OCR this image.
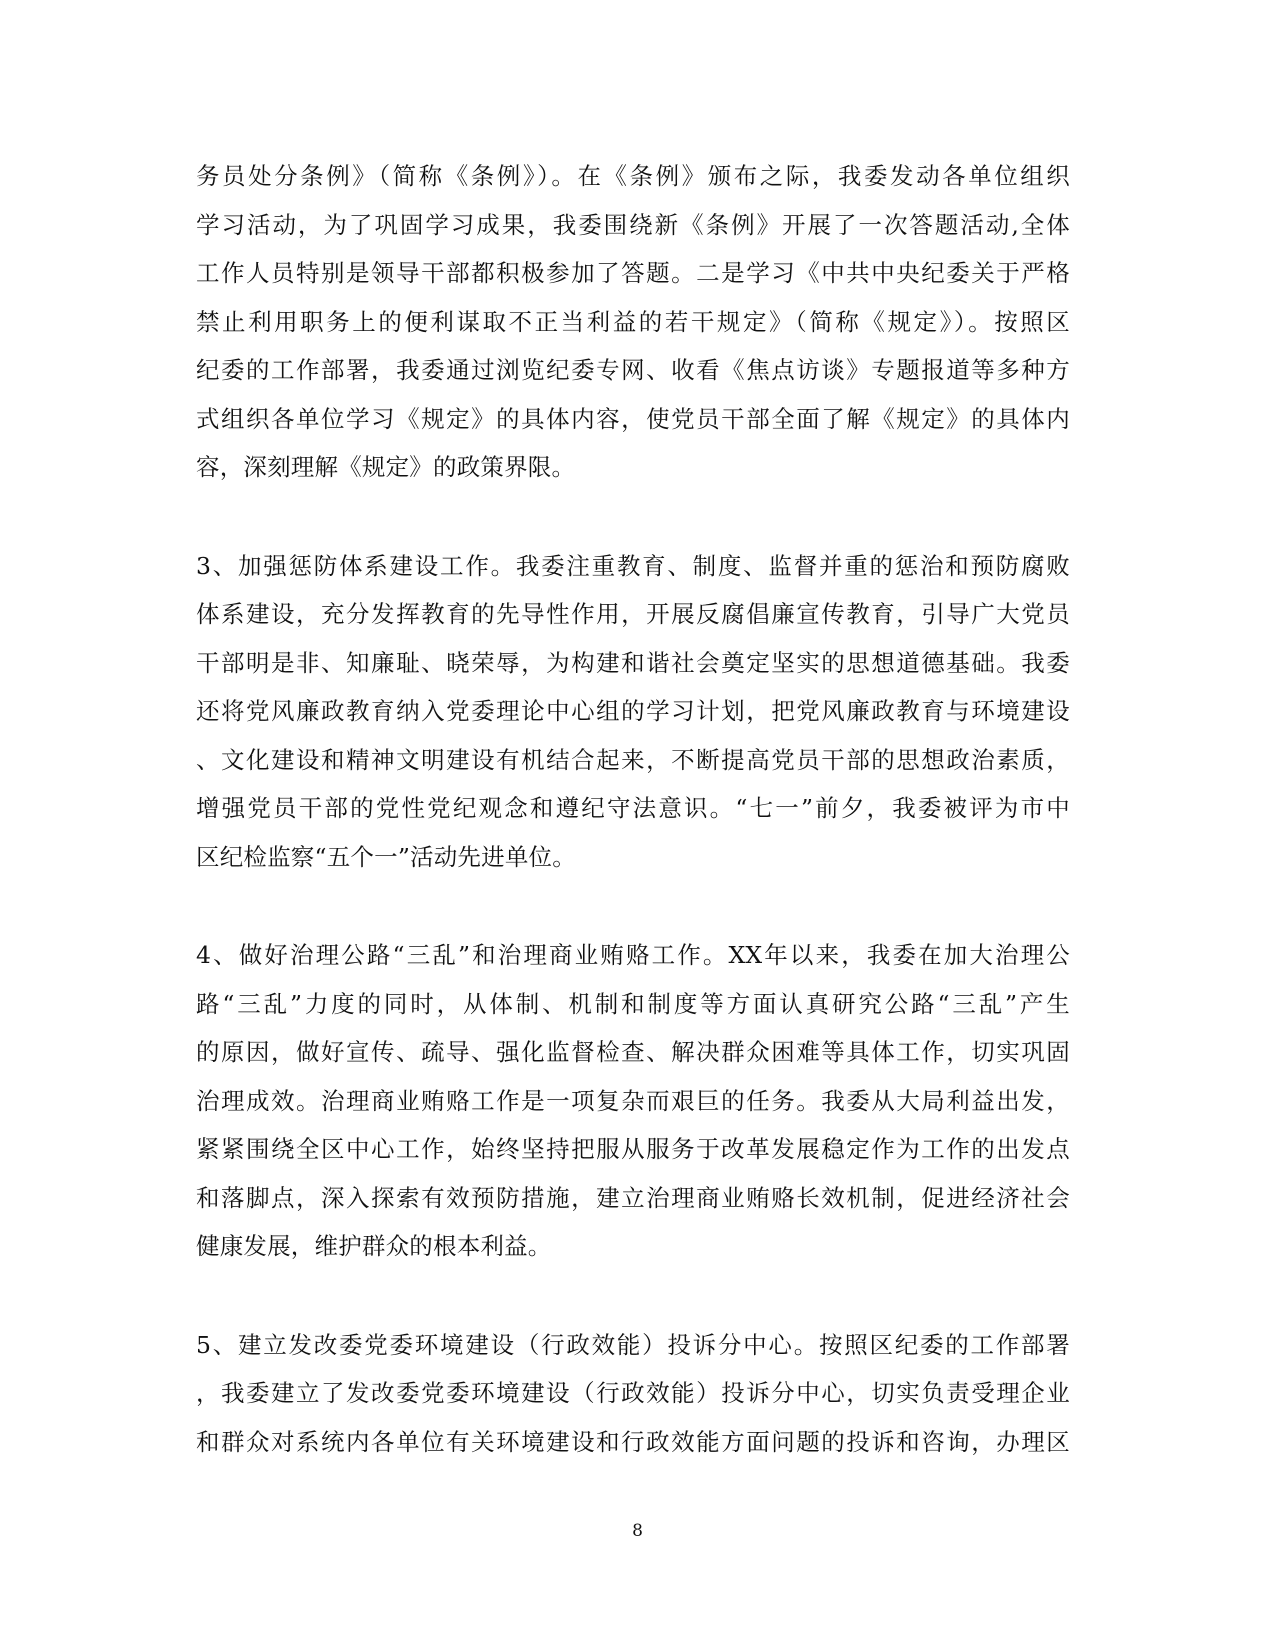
务员处分条例》（简称《条例》）。在《条例》颁布之际，我委发动各单位组织
学习活动，为了巩固学习成果，我委围绕新《条例》开展了一次答题活动,全体
工作人员特别是领导干部都积极参加了答题。二是学习《中共中央纪委关于严格
禁止利用职务上的便利谋取不正当利益的若干规定》（简称《规定》）。按照区
纪委的工作部署，我委通过浏览纪委专网、收看《焦点访谈》专题报道等多种方
式组织各单位学习《规定》的具体内容，使党员干部全面了解《规定》的具体内
容，深刻理解《规定》的政策界限。

3、加强惩防体系建设工作。我委注重教育、制度、监督并重的惩治和预防腐败
体系建设，充分发挥教育的先导性作用，开展反腐倡廉宣传教育，引导广大党员
干部明是非、知廉耻、晓荣辱，为构建和谐社会奠定坚实的思想道德基础。我委
还将党风廉政教育纳入党委理论中心组的学习计划，把党风廉政教育与环境建设
、文化建设和精神文明建设有机结合起来，不断提高党员干部的思想政治素质，
增强党员干部的党性党纪观念和遵纪守法意识。“七一”前夕，我委被评为市中
区纪检监察“五个一”活动先进单位。

4、做好治理公路“三乱”和治理商业贿赂工作。XX年以来，我委在加大治理公
路“三乱”力度的同时，从体制、机制和制度等方面认真研究公路“三乱”产生
的原因，做好宣传、疏导、强化监督检查、解决群众困难等具体工作，切实巩固
治理成效。治理商业贿赂工作是一项复杂而艰巨的任务。我委从大局利益出发，
紧紧围绕全区中心工作，始终坚持把服从服务于改革发展稳定作为工作的出发点
和落脚点，深入探索有效预防措施，建立治理商业贿赂长效机制，促进经济社会
健康发展，维护群众的根本利益。

5、建立发改委党委环境建设（行政效能）投诉分中心。按照区纪委的工作部署
，我委建立了发改委党委环境建设（行政效能）投诉分中心，切实负责受理企业
和群众对系统内各单位有关环境建设和行政效能方面问题的投诉和咨询，办理区

8
